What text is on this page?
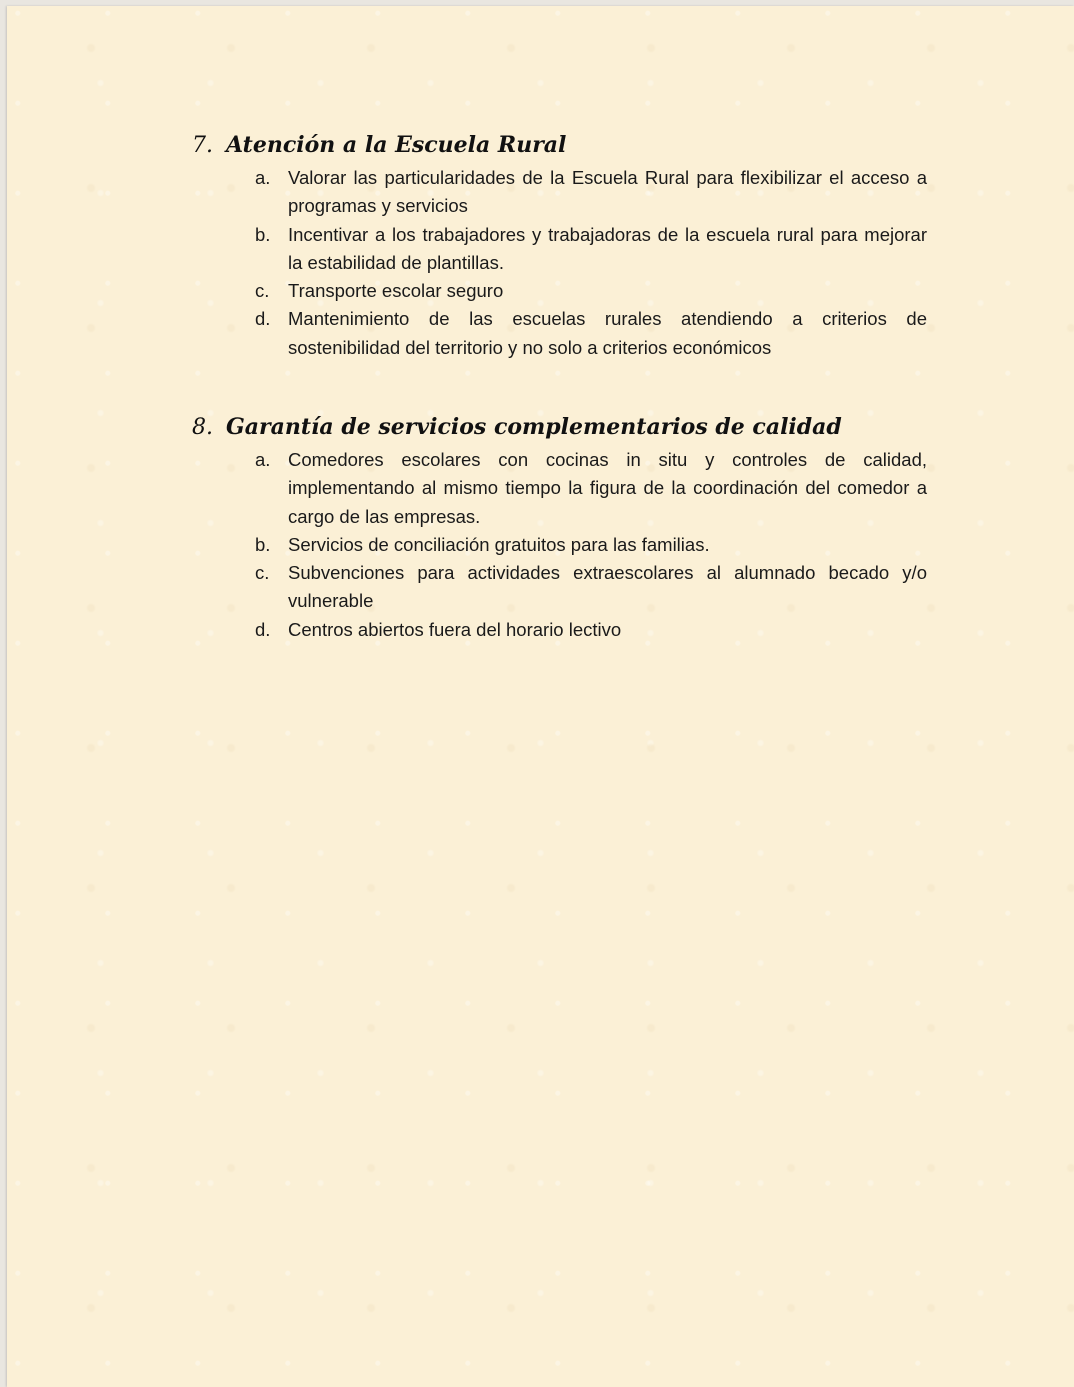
7. Atención a la Escuela Rural
a. Valorar las particularidades de la Escuela Rural para flexibilizar el acceso a programas y servicios
b. Incentivar a los trabajadores y trabajadoras de la escuela rural para mejorar la estabilidad de plantillas.
c.	Transporte escolar seguro
d. Mantenimiento de las escuelas rurales atendiendo a criterios de sostenibilidad del territorio y no solo a criterios económicos
8. Garantía de servicios complementarios de calidad
a. Comedores escolares con cocinas in situ y controles de calidad, implementando al mismo tiempo la figura de la coordinación del comedor a cargo de las empresas.
b. Servicios de conciliación gratuitos para las familias.
c.	Subvenciones para actividades extraescolares al alumnado becado y/o vulnerable
d. Centros abiertos fuera del horario lectivo
